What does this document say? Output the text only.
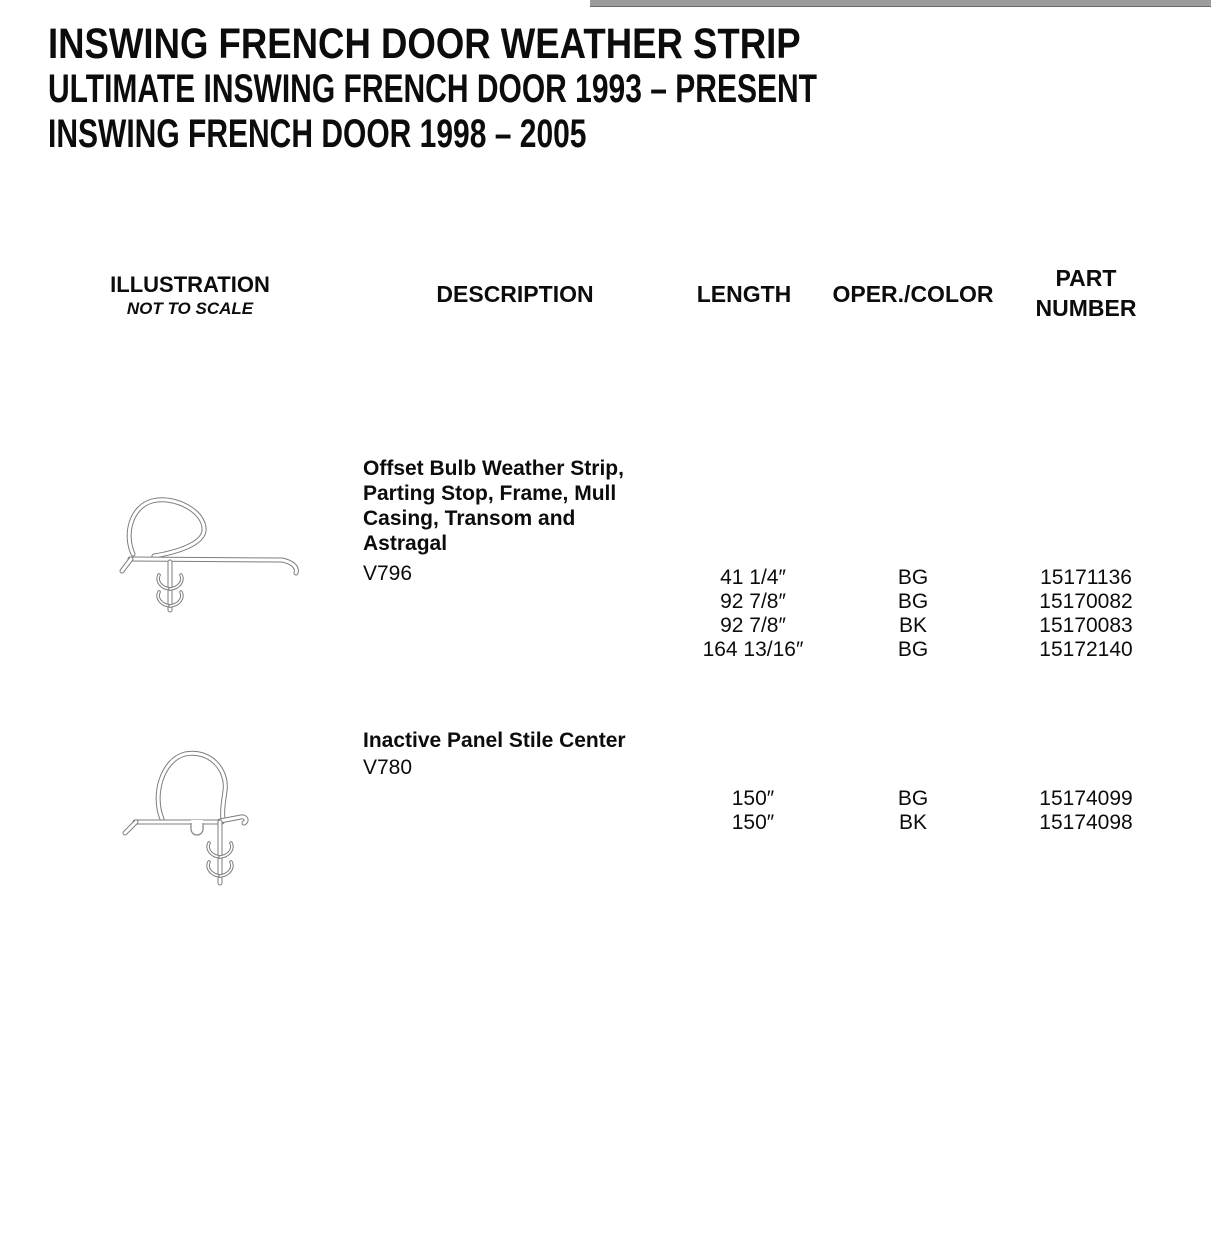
INSWING FRENCH DOOR WEATHER STRIP
ULTIMATE INSWING FRENCH DOOR 1993 – PRESENT
INSWING FRENCH DOOR 1998 – 2005
ILLUSTRATION
NOT TO SCALE
DESCRIPTION	LENGTH	OPER./COLOR
PART
NUMBER
Offset Bulb Weather Strip,
Parting Stop, Frame, Mull
Casing, Transom and
Astragal
V796	41 1/4″	BG	15171136
92 7/8″	BG	15170082
92 7/8″	BK	15170083
164 13/16″	BG	15172140
Inactive Panel Stile Center
V780
150″	BG	15174099
150″	BK	15174098
